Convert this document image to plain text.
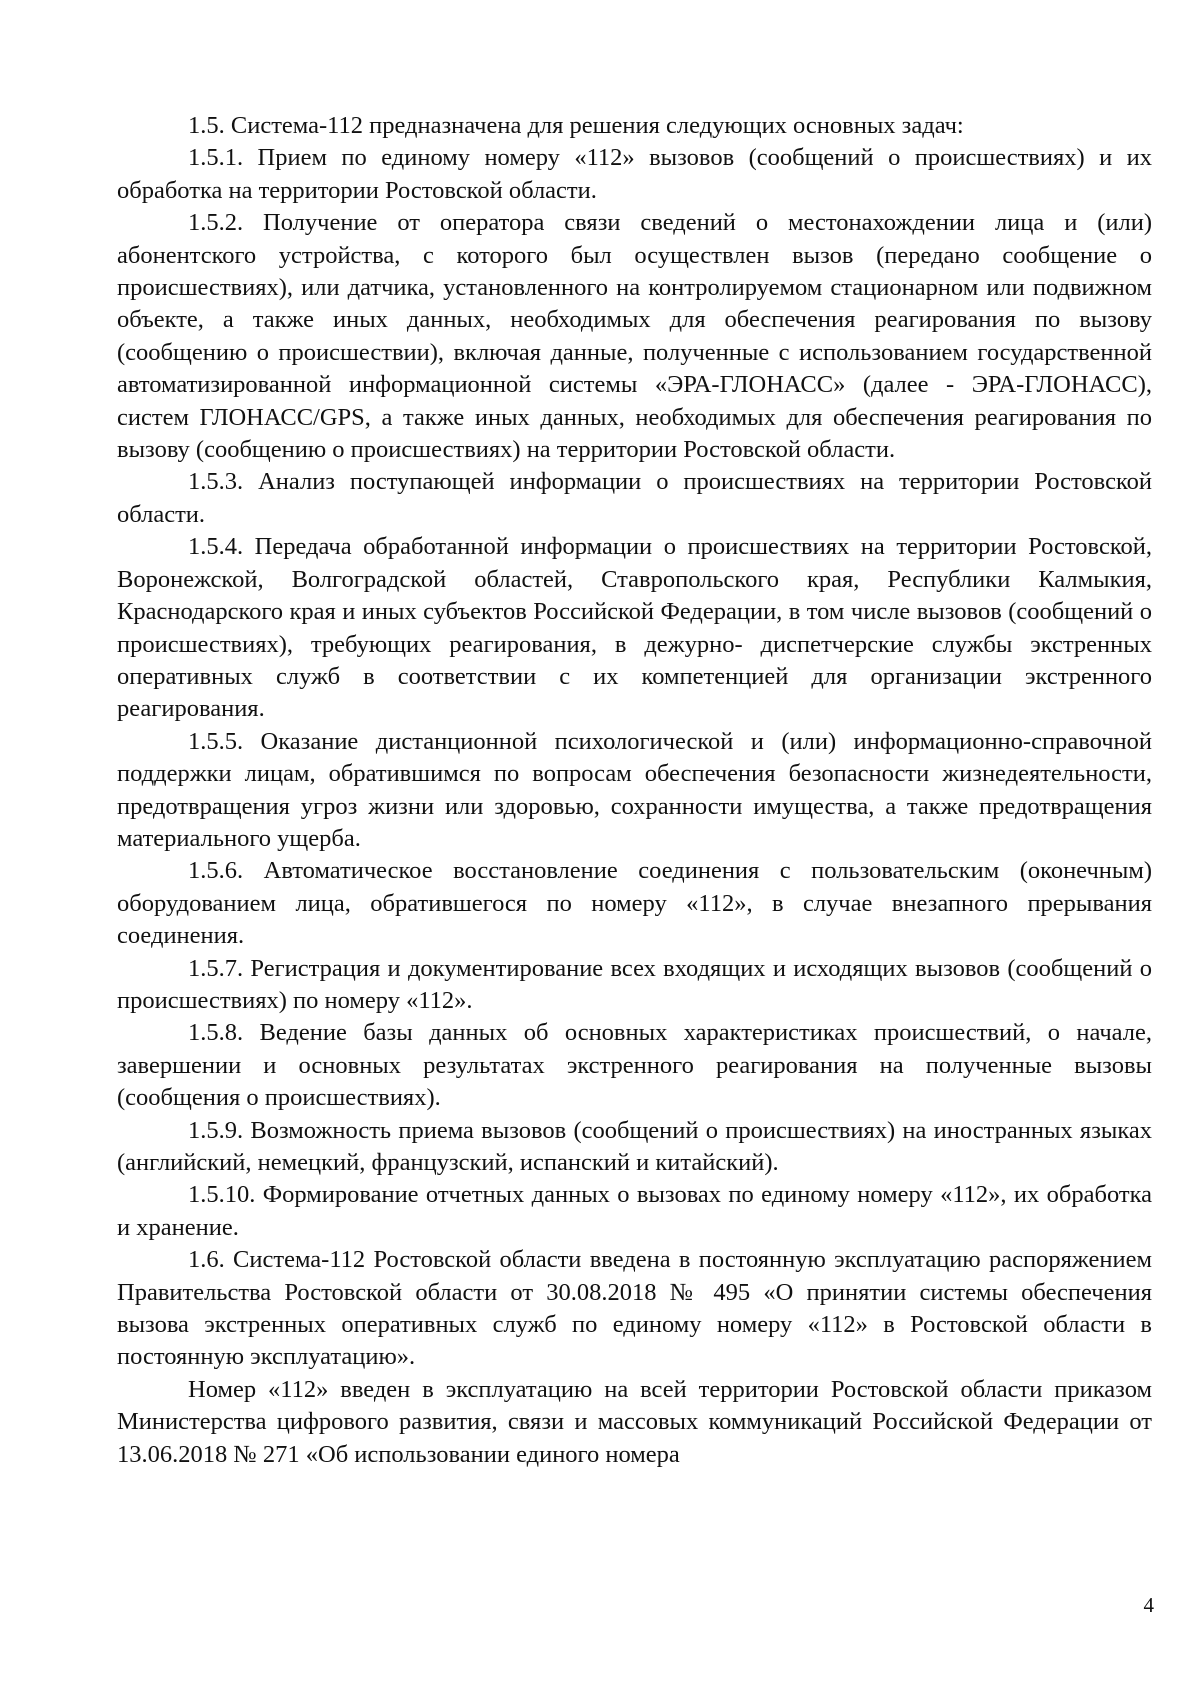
1.5. Система-112 предназначена для решения следующих основных задач:

1.5.1. Прием по единому номеру «112» вызовов (сообщений о происшествиях) и их обработка на территории Ростовской области.

1.5.2. Получение от оператора связи сведений о местонахождении лица и (или) абонентского устройства, с которого был осуществлен вызов (передано сообщение о происшествиях), или датчика, установленного на контролируемом стационарном или подвижном объекте, а также иных данных, необходимых для обеспечения реагирования по вызову (сообщению о происшествии), включая данные, полученные с использованием государственной автоматизированной информационной системы «ЭРА-ГЛОНАСС» (далее - ЭРА-ГЛОНАСС), систем ГЛОНАСС/GPS, а также иных данных, необходимых для обеспечения реагирования по вызову (сообщению о происшествиях) на территории Ростовской области.

1.5.3. Анализ поступающей информации о происшествиях на территории Ростовской области.

1.5.4. Передача обработанной информации о происшествиях на территории Ростовской, Воронежской, Волгоградской областей, Ставропольского края, Республики Калмыкия, Краснодарского края и иных субъектов Российской Федерации, в том числе вызовов (сообщений о происшествиях), требующих реагирования, в дежурно- диспетчерские службы экстренных оперативных служб в соответствии с их компетенцией для организации экстренного реагирования.

1.5.5. Оказание дистанционной психологической и (или) информационно-справочной поддержки лицам, обратившимся по вопросам обеспечения безопасности жизнедеятельности, предотвращения угроз жизни или здоровью, сохранности имущества, а также предотвращения материального ущерба.

1.5.6. Автоматическое восстановление соединения с пользовательским (оконечным) оборудованием лица, обратившегося по номеру «112», в случае внезапного прерывания соединения.

1.5.7. Регистрация и документирование всех входящих и исходящих вызовов (сообщений о происшествиях) по номеру «112».

1.5.8. Ведение базы данных об основных характеристиках происшествий, о начале, завершении и основных результатах экстренного реагирования на полученные вызовы (сообщения о происшествиях).

1.5.9. Возможность приема вызовов (сообщений о происшествиях) на иностранных языках (английский, немецкий, французский, испанский и китайский).

1.5.10. Формирование отчетных данных о вызовах по единому номеру «112», их обработка и хранение.

1.6. Система-112 Ростовской области введена в постоянную эксплуатацию распоряжением Правительства Ростовской области от 30.08.2018 № 495 «О принятии системы обеспечения вызова экстренных оперативных служб по единому номеру «112» в Ростовской области в постоянную эксплуатацию».

Номер «112» введен в эксплуатацию на всей территории Ростовской области приказом Министерства цифрового развития, связи и массовых коммуникаций Российской Федерации от 13.06.2018 № 271 «Об использовании единого номера

4
